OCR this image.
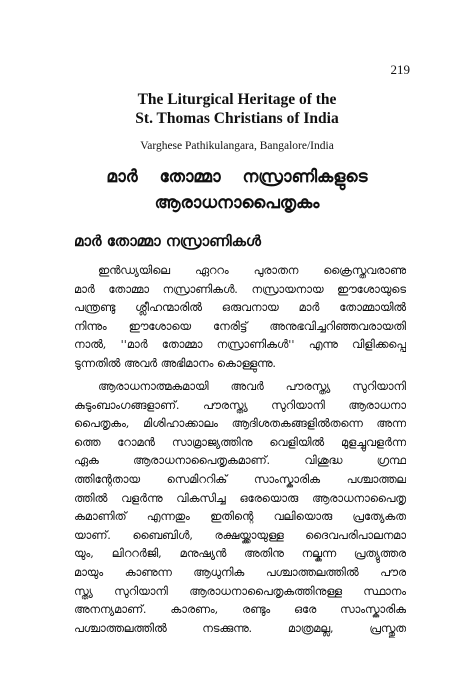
219
The Liturgical Heritage of the
St. Thomas Christians of India
Varghese Pathikulangara, Bangalore/India
മാർ തോമ്മാ നസ്രാണികളുടെ
ആരാധനാപൈതൃകം
മാർ തോമ്മാ നസ്രാണികൾ

ഇൻഡ്യയിലെ ഏററം പുരാതന ക്രൈസ്തവരാണു
മാർ തോമ്മാ നസ്രാണികൾ. നസ്രായനായ ഈശോയുടെ
പന്ത്രണ്ടു ശ്ലീഹന്മാരിൽ ഒരുവനായ മാർ തോമ്മായിൽ
നിന്നും ഈശോയെ നേരിട്ട് അനുഭവിച്ചറിഞ്ഞവരായതി
നാൽ, ''മാർ തോമ്മാ നസ്രാണികൾ'' എന്നു വിളിക്കപ്പെ
ടുന്നതിൽ അവർ അഭിമാനം കൊള്ളുന്നു.

ആരാധനാത്മകമായി അവർ പൗരസ്ത്യ സുറിയാനി
കുടുംബാംഗങ്ങളാണ്. പൗരസ്ത്യ സുറിയാനി ആരാധനാ
പൈതൃകം, മിശിഹാക്കാലം ആദിശതകങ്ങളിൽതന്നെ അന്ന
ത്തെ റോമൻ സാമ്രാജ്യത്തിനു വെളിയിൽ മുളച്ചുവളർന്ന
ഏക ആരാധനാപൈതൃകമാണ്. വിശുദ്ധ ഗ്രന്ഥ
ത്തിന്റേതായ സെമിററിക് സാംസ്കാരിക പശ്ചാത്തല
ത്തിൽ വളർന്നു വികസിച്ച ഒരേയൊരു ആരാധനാപൈതൃ
കമാണിത് എന്നതും ഇതിന്റെ വലിയൊരു പ്രത്യേകത
യാണ്. ബൈബിൾ, രക്ഷയ്ക്കായുള്ള ദൈവപരിപാലനമാ
യും, ലിററർജി, മനുഷ്യൻ അതിനു നല്കുന്ന പ്രത്യുത്തര
മായും കാണുന്ന ആധുനിക പശ്ചാത്തലത്തിൽ പൗര
സ്ത്യ സുറിയാനി ആരാധനാപൈതൃകത്തിനുള്ള സ്ഥാനം
അനന്യമാണ്. കാരണം, രണ്ടും ഒരേ സാംസ്കാരിക
പശ്ചാത്തലത്തിൽ നടക്കുന്നു. മാത്രമല്ല, പ്രസ്തുത
